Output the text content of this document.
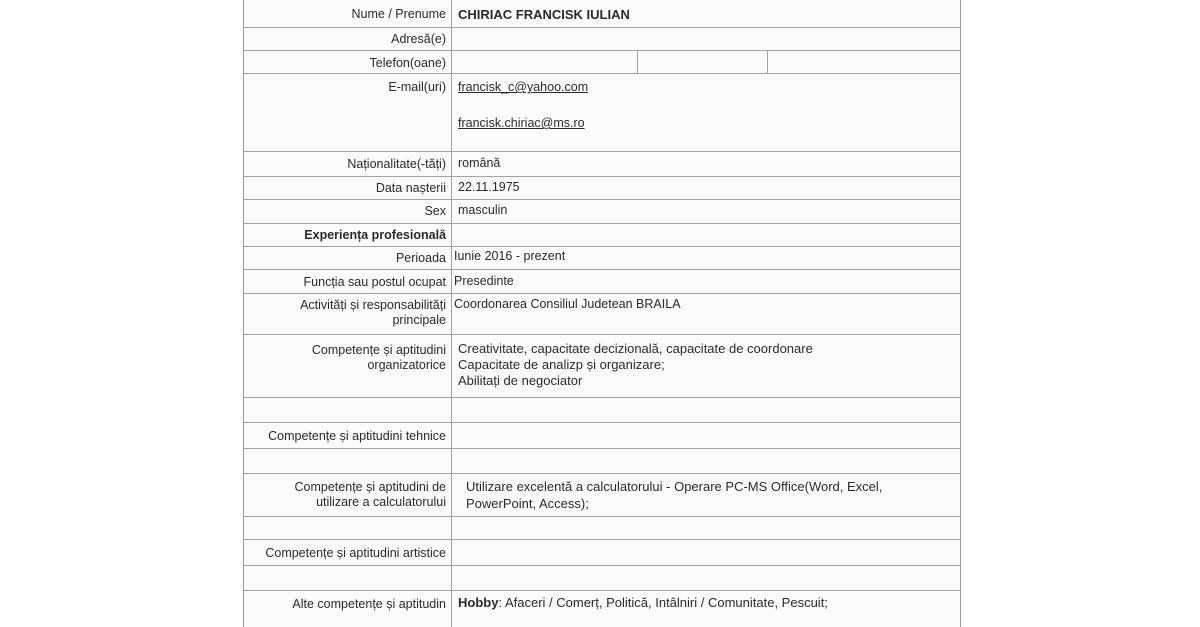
Nume / Prenume CHIRIAC FRANCISK IULIAN
Adresă(e)
Telefon(oane)
E-mail(uri) francisk_c@yahoo.com
francisk.chiriac@ms.ro
Naționalitate(-tăți) română
Data nașterii 22.11.1975
Sex masculin
Experiența profesională
Perioada Iunie 2016 - prezent
Funcția sau postul ocupat Presedinte
Activități și responsabilități
principale
Coordonarea Consiliul Judetean BRAILA
Competențe și aptitudini
organizatorice
Creativitate, capacitate decizională, capacitate de coordonare
Capacitate de analizp și organizare;
Abilitați de negociator
Competențe și aptitudini tehnice
Competențe și aptitudini de
utilizare a calculatorului
Utilizare excelentă a calculatorului - Operare PC-MS Office(Word, Excel,
PowerPoint, Access);
Competențe și aptitudini artistice
Alte competențe și aptitudin Hobby: Afaceri / Comerț, Politică, Intâlniri / Comunitate, Pescuit;
